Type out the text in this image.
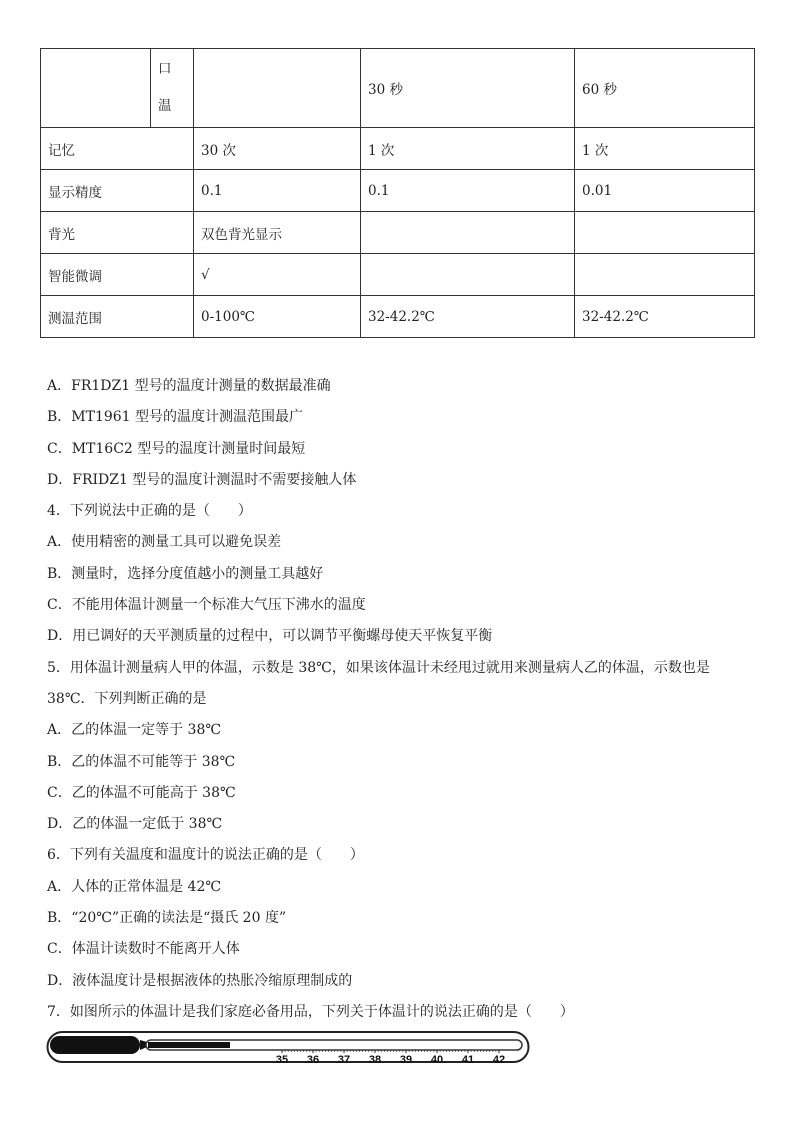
	口
温		30 秒	60 秒
记忆		30 次	1 次	1 次
显示精度		0.1	0.1	0.01
背光		双色背光显示		
智能微调		√		
测温范围		0-100℃	32-42.2℃	32-42.2℃

A．FR1DZ1 型号的温度计测量的数据最准确

B．MT1961 型号的温度计测温范围最广

C．MT16C2 型号的温度计测量时间最短

D．FRIDZ1 型号的温度计测温时不需要接触人体

4．下列说法中正确的是（　　）

A．使用精密的测量工具可以避免误差

B．测量时，选择分度值越小的测量工具越好

C．不能用体温计测量一个标准大气压下沸水的温度

D．用已调好的天平测质量的过程中，可以调节平衡螺母使天平恢复平衡

5．用体温计测量病人甲的体温，示数是 38℃，如果该体温计未经甩过就用来测量病人乙的体温，示数也是 38℃．下列判断正确的是

A．乙的体温一定等于 38℃

B．乙的体温不可能等于 38℃

C．乙的体温不可能高于 38℃

D．乙的体温一定低于 38℃

6．下列有关温度和温度计的说法正确的是（　　）

A．人体的正常体温是 42℃

B．“20℃”正确的读法是“摄氏 20 度”

C．体温计读数时不能离开人体

D．液体温度计是根据液体的热胀冷缩原理制成的

7．如图所示的体温计是我们家庭必备用品，下列关于体温计的说法正确的是（　　）

35 36 37 38 39 40 41 42
